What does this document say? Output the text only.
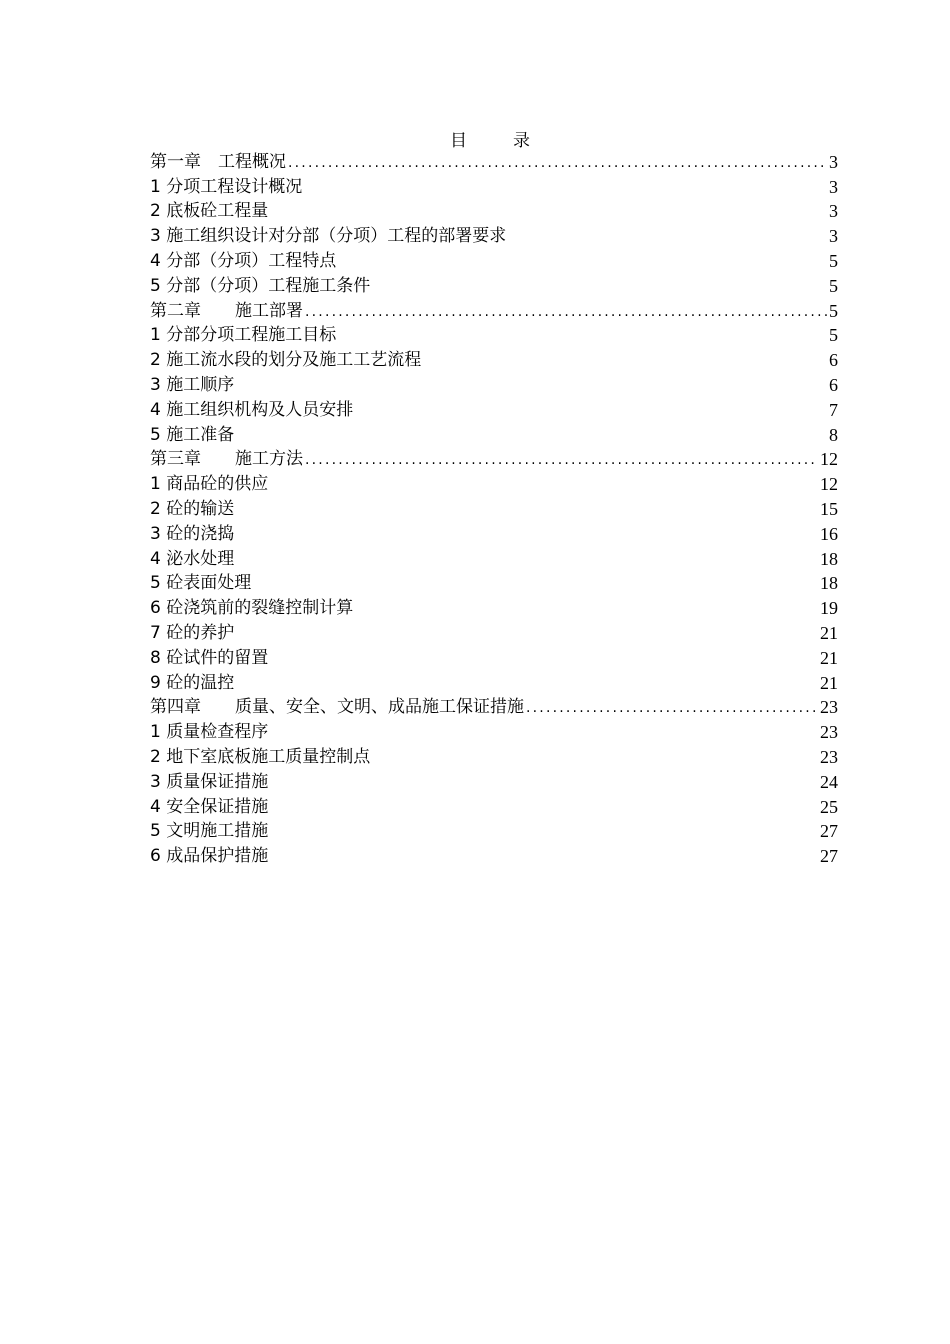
目	录
第一章　工程概况 .....	3
1 分项工程设计概况	3
2 底板砼工程量	3
3 施工组织设计对分部（分项）工程的部署要求	3
4 分部（分项）工程特点	5
5 分部（分项）工程施工条件	5
第二章　　施工部署 .....	5
1 分部分项工程施工目标	5
2 施工流水段的划分及施工工艺流程	6
3 施工顺序	6
4 施工组织机构及人员安排	7
5 施工准备	8
第三章　　施工方法 .....	12
1 商品砼的供应	12
2 砼的输送	15
3 砼的浇捣	16
4 泌水处理	18
5 砼表面处理	18
6 砼浇筑前的裂缝控制计算	19
7 砼的养护	21
8 砼试件的留置	21
9 砼的温控	21
第四章　　质量、安全、文明、成品施工保证措施 .....	23
1 质量检查程序	23
2 地下室底板施工质量控制点	23
3 质量保证措施	24
4 安全保证措施	25
5 文明施工措施	27
6 成品保护措施	27
